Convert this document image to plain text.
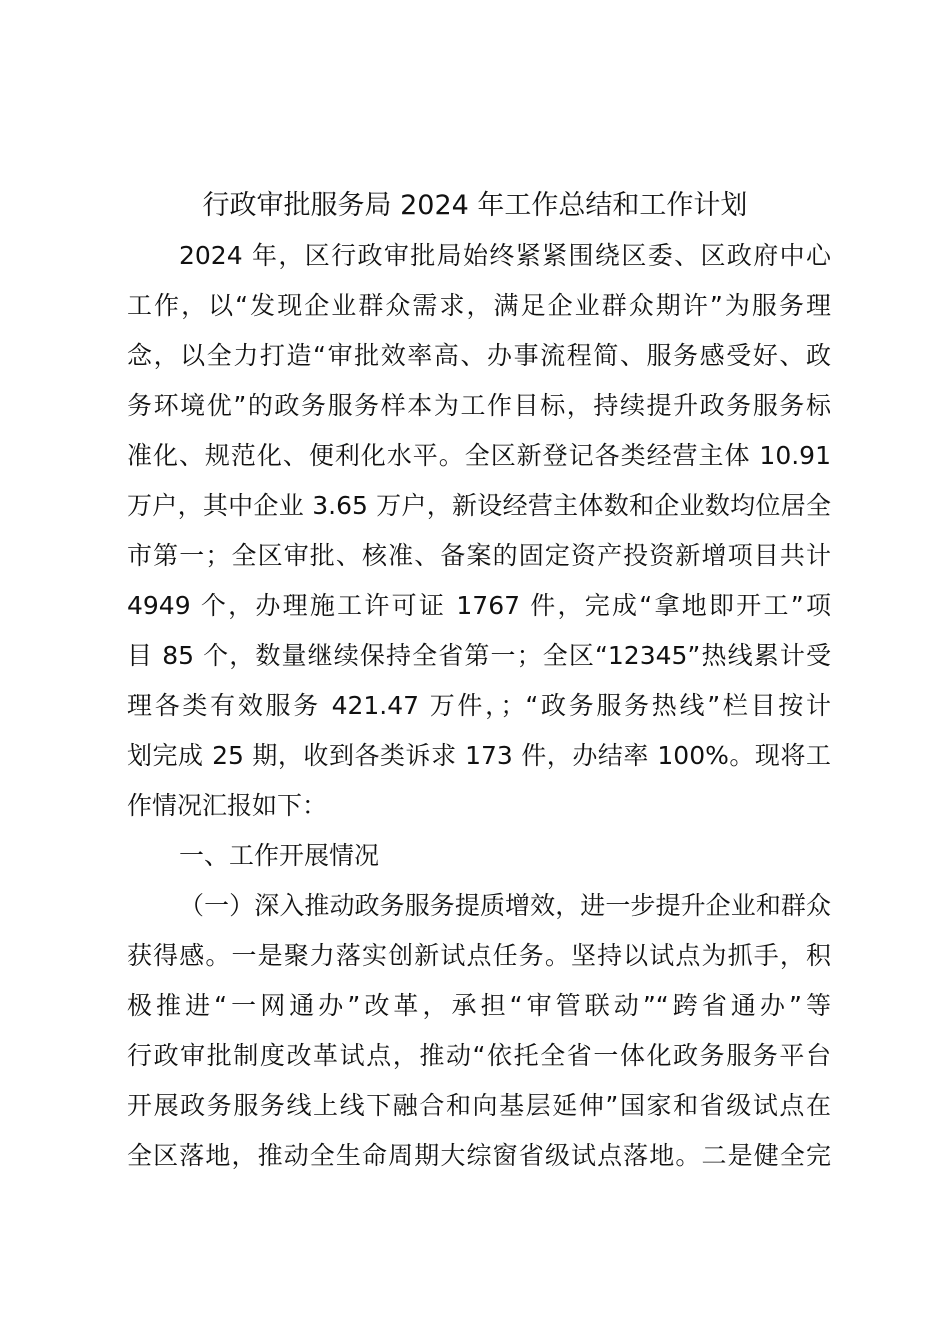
行政审批服务局 2024 年工作总结和工作计划
2024 年，区行政审批局始终紧紧围绕区委、区政府中心
工作，以“发现企业群众需求，满足企业群众期许”为服务理
念，以全力打造“审批效率高、办事流程简、服务感受好、政
务环境优”的政务服务样本为工作目标，持续提升政务服务标
准化、规范化、便利化水平。全区新登记各类经营主体 10.91
万户，其中企业 3.65 万户，新设经营主体数和企业数均位居全
市第一；全区审批、核准、备案的固定资产投资新增项目共计
4949 个，办理施工许可证 1767 件，完成“拿地即开工”项
目 85 个，数量继续保持全省第一；全区“12345”热线累计受
理各类有效服务 421.47 万件，；“政务服务热线”栏目按计
划完成 25 期，收到各类诉求 173 件，办结率 100%。现将工
作情况汇报如下：
一、工作开展情况
（一）深入推动政务服务提质增效，进一步提升企业和群众
获得感。一是聚力落实创新试点任务。坚持以试点为抓手，积
极推进“一网通办”改革，承担“审管联动”“跨省通办”等
行政审批制度改革试点，推动“依托全省一体化政务服务平台
开展政务服务线上线下融合和向基层延伸”国家和省级试点在
全区落地，推动全生命周期大综窗省级试点落地。二是健全完
